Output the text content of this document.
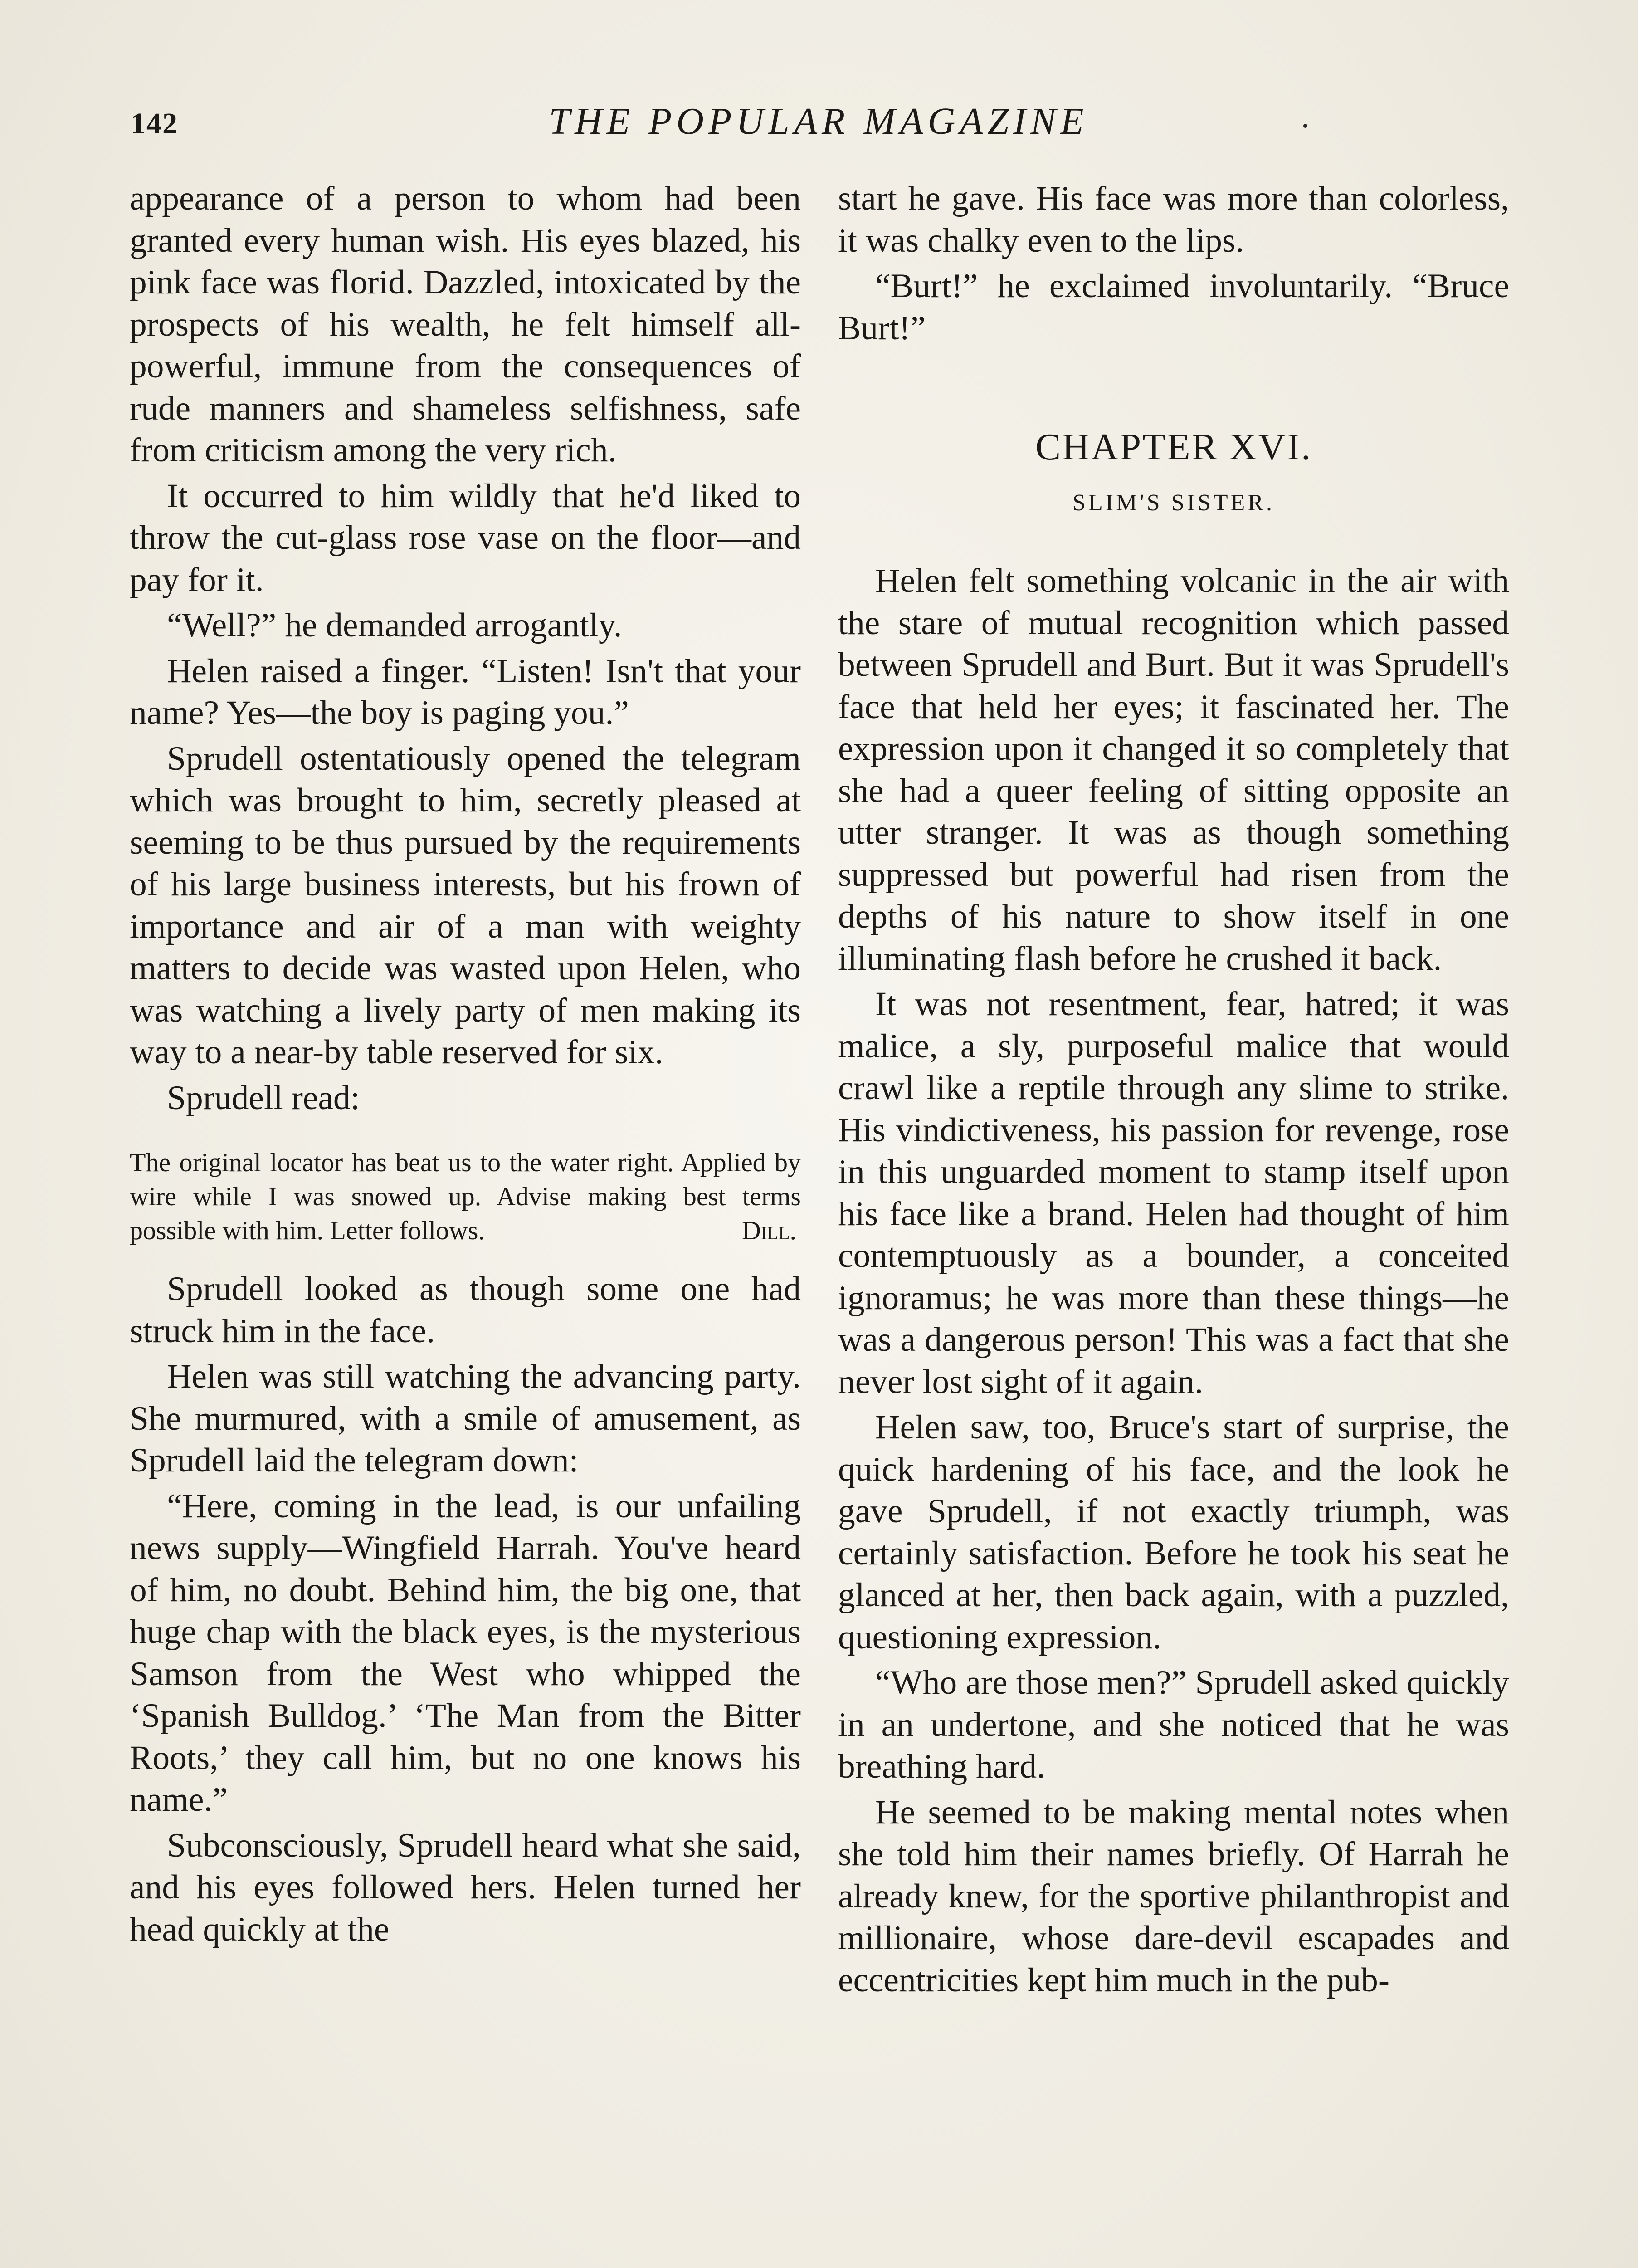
142	THE POPULAR MAGAZINE

appearance of a person to whom had been granted every human wish. His eyes blazed, his pink face was florid. Dazzled, intoxicated by the prospects of his wealth, he felt himself all-powerful, immune from the consequences of rude manners and shameless selfishness, safe from criticism among the very rich.

It occurred to him wildly that he'd liked to throw the cut-glass rose vase on the floor—and pay for it.

“Well?” he demanded arrogantly.

Helen raised a finger. “Listen! Isn't that your name? Yes—the boy is paging you.”

Sprudell ostentatiously opened the telegram which was brought to him, secretly pleased at seeming to be thus pursued by the requirements of his large business interests, but his frown of importance and air of a man with weighty matters to decide was wasted upon Helen, who was watching a lively party of men making its way to a near-by table reserved for six.

Sprudell read:

The original locator has beat us to the water right. Applied by wire while I was snowed up. Advise making best terms possible with him. Letter follows.	Dill.

Sprudell looked as though some one had struck him in the face.

Helen was still watching the advancing party. She murmured, with a smile of amusement, as Sprudell laid the telegram down:

“Here, coming in the lead, is our unfailing news supply—Wingfield Harrah. You've heard of him, no doubt. Behind him, the big one, that huge chap with the black eyes, is the mysterious Samson from the West who whipped the ‘Spanish Bulldog.’ ‘The Man from the Bitter Roots,’ they call him, but no one knows his name.”

Subconsciously, Sprudell heard what she said, and his eyes followed hers. Helen turned her head quickly at the

start he gave. His face was more than colorless, it was chalky even to the lips.

“Burt!” he exclaimed involuntarily. “Bruce Burt!”

CHAPTER XVI.
SLIM'S SISTER.

Helen felt something volcanic in the air with the stare of mutual recognition which passed between Sprudell and Burt. But it was Sprudell's face that held her eyes; it fascinated her. The expression upon it changed it so completely that she had a queer feeling of sitting opposite an utter stranger. It was as though something suppressed but powerful had risen from the depths of his nature to show itself in one illuminating flash before he crushed it back.

It was not resentment, fear, hatred; it was malice, a sly, purposeful malice that would crawl like a reptile through any slime to strike. His vindictiveness, his passion for revenge, rose in this unguarded moment to stamp itself upon his face like a brand. Helen had thought of him contemptuously as a bounder, a conceited ignoramus; he was more than these things—he was a dangerous person! This was a fact that she never lost sight of it again.

Helen saw, too, Bruce's start of surprise, the quick hardening of his face, and the look he gave Sprudell, if not exactly triumph, was certainly satisfaction. Before he took his seat he glanced at her, then back again, with a puzzled, questioning expression.

“Who are those men?” Sprudell asked quickly in an undertone, and she noticed that he was breathing hard.

He seemed to be making mental notes when she told him their names briefly. Of Harrah he already knew, for the sportive philanthropist and millionaire, whose dare-devil escapades and eccentricities kept him much in the pub-
